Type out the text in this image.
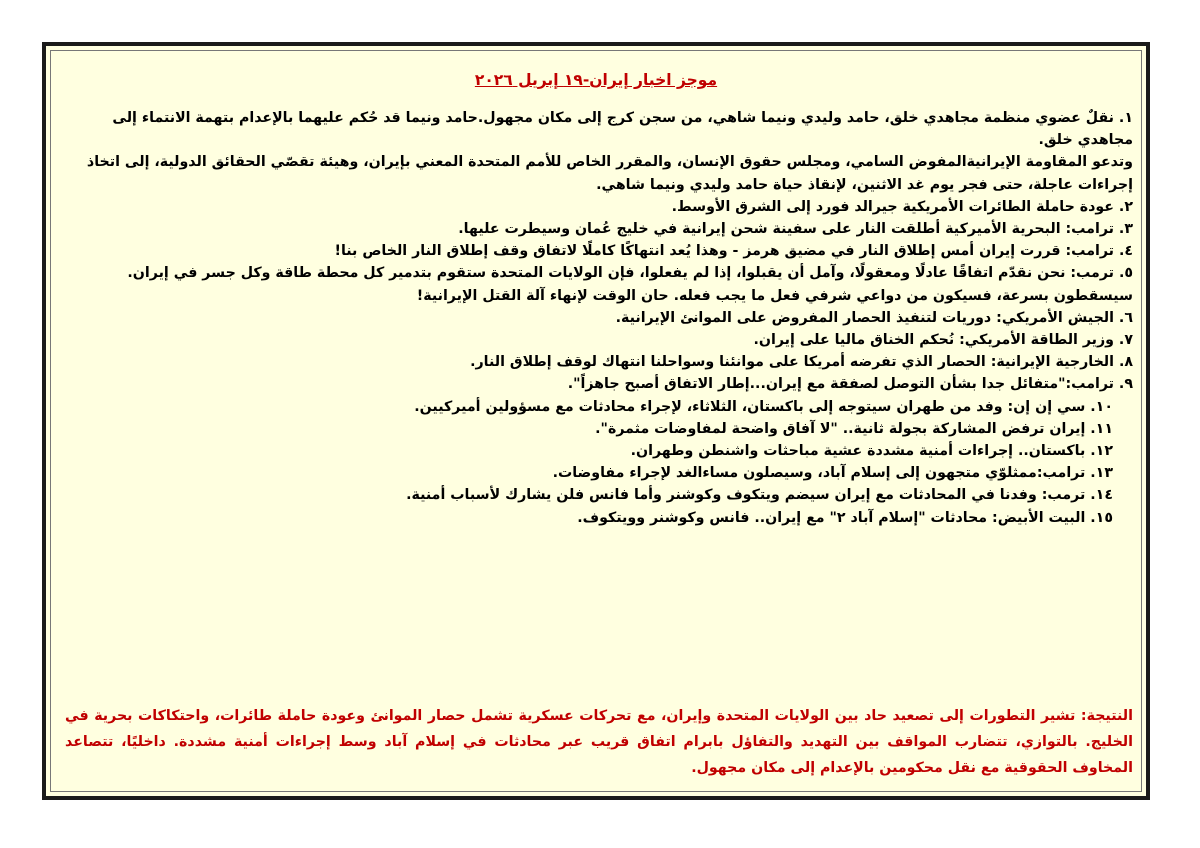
موجز اخبار إيران-١٩ إبريل ٢٠٢٦

١. نقلٌ عضوي منظمة مجاهدي خلق، حامد وليدي ونيما شاهي، من سجن كرج إلى مكان مجهول.حامد ونيما قد حُكم عليهما بالإعدام بتهمة الانتماء إلى مجاهدي خلق.

وتدعو المقاومة الإيرانيةالمفوض السامي، ومجلس حقوق الإنسان، والمقرر الخاص للأمم المتحدة المعني بإيران، وهيئة تقصّي الحقائق الدولية، إلى اتخاذ إجراءات عاجلة، حتى فجر يوم غد الاثنين، لإنقاذ حياة حامد وليدي ونيما شاهي.

٢. عودة حاملة الطائرات الأمريكية جيرالد فورد إلى الشرق الأوسط.

٣. ترامب: البحرية الأميركية أطلقت النار على سفينة شحن إيرانية في خليج عُمان وسيطرت عليها.

٤. ترامب: قررت إيران أمس إطلاق النار في مضيق هرمز - وهذا يُعد انتهاكًا كاملًا لاتفاق وقف إطلاق النار الخاص بنا!

٥. ترمب: نحن نقدّم اتفاقًا عادلًا ومعقولًا، وآمل أن يقبلوا، إذا لم يفعلوا، فإن الولايات المتحدة ستقوم بتدمير كل محطة طاقة وكل جسر في إيران. سيسقطون بسرعة، فسيكون من دواعي شرفي فعل ما يجب فعله. حان الوقت لإنهاء آلة القتل الإيرانية!

٦. الجيش الأمريكي: دوريات لتنفيذ الحصار المفروض على الموانئ الإيرانية.

٧. وزير الطاقة الأمريكي: نُحكم الخناق ماليا على إيران.

٨. الخارجية الإيرانية: الحصار الذي تفرضه أمريكا على موانئنا وسواحلنا انتهاك لوقف إطلاق النار.

٩. ترامب:"متفائل جدا بشأن التوصل لصفقة مع إيران...إطار الاتفاق أصبح جاهزاً".

١٠. سي إن إن: وفد من طهران سيتوجه إلى باكستان، الثلاثاء، لإجراء محادثات مع مسؤولين أميركيين.

١١. إيران ترفض المشاركة بجولة ثانية.. "لا آفاق واضحة لمفاوضات مثمرة".

١٢. باكستان.. إجراءات أمنية مشددة عشية مباحثات واشنطن وطهران.

١٣. ترامب:ممثلوّي متجهون إلى إسلام آباد، وسيصلون مساءالغد لإجراء مفاوضات.

١٤. ترمب: وفدنا في المحادثات مع إيران سيضم ويتكوف وكوشنر وأما فانس فلن يشارك لأسباب أمنية.

١٥. البيت الأبيض: محادثات "إسلام آباد ٢" مع إيران.. فانس وكوشنر وويتكوف.

النتيجة: تشير التطورات إلى تصعيد حاد بين الولايات المتحدة وإيران، مع تحركات عسكرية تشمل حصار الموانئ وعودة حاملة طائرات، واحتكاكات بحرية في الخليج. بالتوازي، تتضارب المواقف بين التهديد والتفاؤل بابرام اتفاق قريب عبر محادثات في إسلام آباد وسط إجراءات أمنية مشددة. داخليًا، تتصاعد المخاوف الحقوقية مع نقل محكومين بالإعدام إلى مكان مجهول.
